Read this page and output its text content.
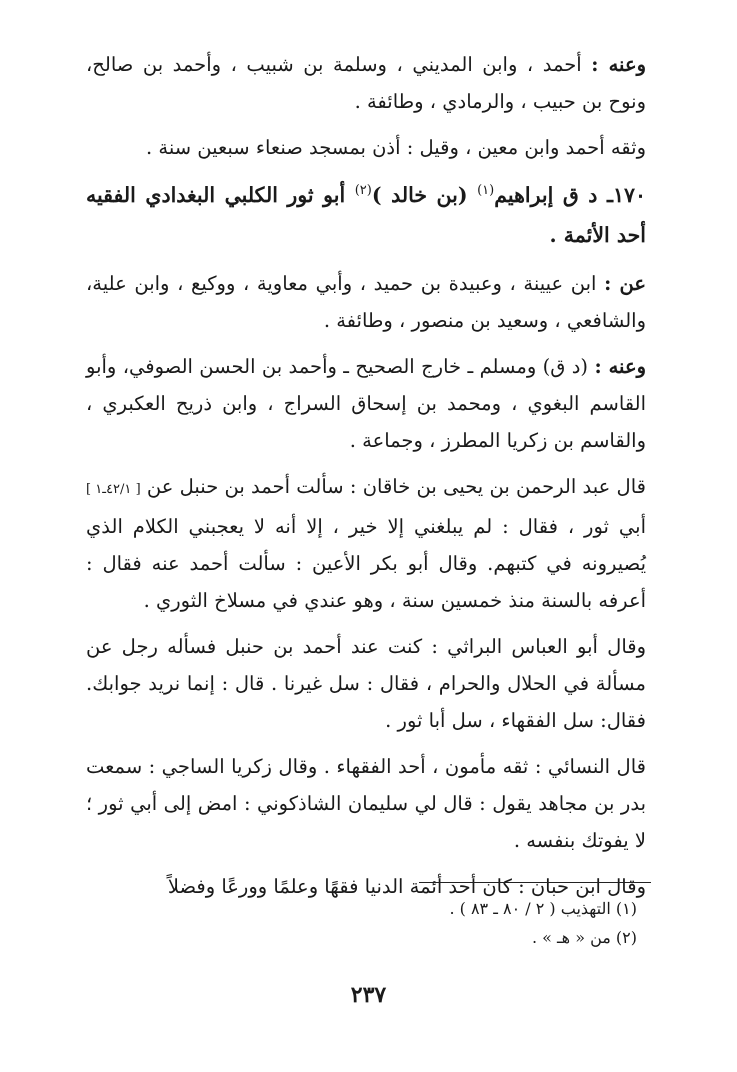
وعنه : أحمد ، وابن المديني ، وسلمة بن شبيب ، وأحمد بن صالح، ونوح بن حبيب ، والرمادي ، وطائفة .

وثقه أحمد وابن معين ، وقيل : أذن بمسجد صنعاء سبعين سنة .

١٧٠ـ د ق إبراهيم$^{(١)}$ (بن خالد )$^{(٢)}$ أبو ثور الكلبي البغدادي الفقيه أحد الأئمة .

عن : ابن عيينة ، وعبيدة بن حميد ، وأبي معاوية ، ووكيع ، وابن علية، والشافعي ، وسعيد بن منصور ، وطائفة .

وعنه : (د ق) ومسلم ـ خارج الصحيح ـ وأحمد بن الحسن الصوفي، وأبو القاسم البغوي ، ومحمد بن إسحاق السراج ، وابن ذريح العكبري ، والقاسم بن زكريا المطرز ، وجماعة .

قال عبد الرحمن بن يحيى بن خاقان : سألت أحمد بن حنبل عن [ ٤٢/١ـ١ ] أبي ثور ، فقال : لم يبلغني إلا خير ، إلا أنه لا يعجبني الكلام الذي يُصيرونه في كتبهم. وقال أبو بكر الأعين : سألت أحمد عنه فقال : أعرفه بالسنة منذ خمسين سنة ، وهو عندي في مسلاخ الثوري .

وقال أبو العباس البراثي : كنت عند أحمد بن حنبل فسأله رجل عن مسألة في الحلال والحرام ، فقال : سل غيرنا . قال : إنما نريد جوابك. فقال: سل الفقهاء ، سل أبا ثور .

قال النسائي : ثقه مأمون ، أحد الفقهاء . وقال زكريا الساجي : سمعت بدر بن مجاهد يقول : قال لي سليمان الشاذكوني : امض إلى أبي ثور ؛ لا يفوتك بنفسه .

وقال ابن حبان : كان أحد أئمة الدنيا فقهًا وعلمًا وورعًا وفضلاً

(١) التهذيب ( ٢ / ٨٠ ـ ٨٣ ) .
(٢) من « هـ » .
٢٣٧
